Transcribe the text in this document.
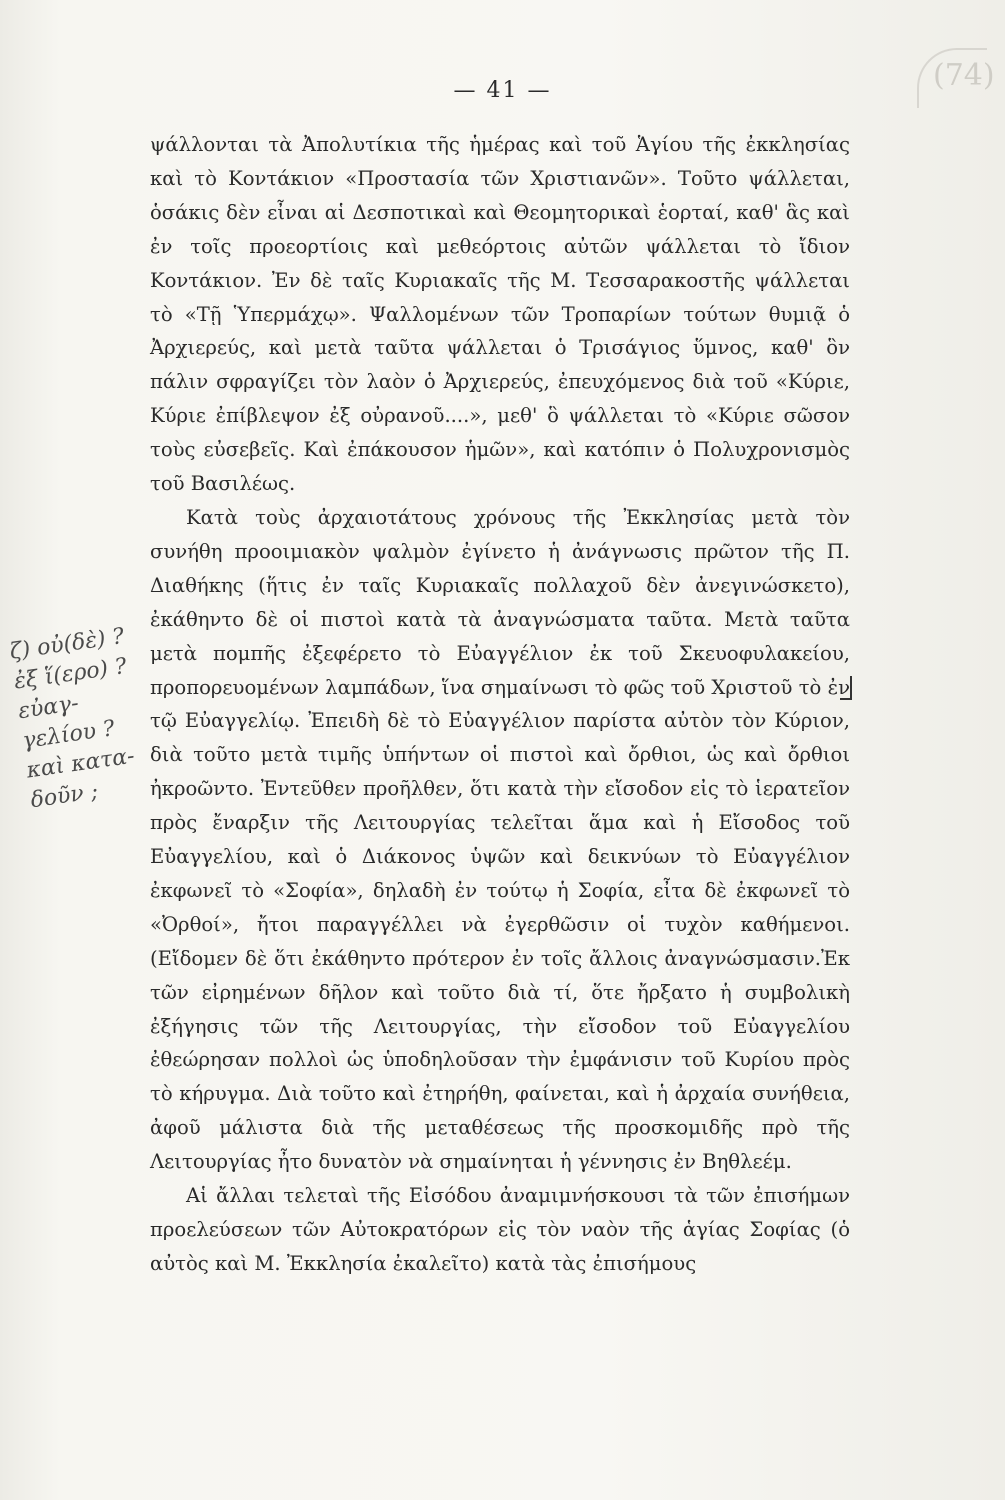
(74)
— 41 —

ψάλλονται τὰ Ἀπολυτίκια τῆς ἡμέρας καὶ τοῦ Ἁγίου τῆς ἐκκλησίας καὶ τὸ Κοντάκιον «Προστασία τῶν Χριστιανῶν». Τοῦτο ψάλλεται, ὁσάκις δὲν εἶναι αἱ Δεσποτικαὶ καὶ Θεομητορικαὶ ἑορταί, καθ' ἃς καὶ ἐν τοῖς προεορτίοις καὶ μεθεόρτοις αὐτῶν ψάλλεται τὸ ἴδιον Κοντάκιον. Ἐν δὲ ταῖς Κυριακαῖς τῆς Μ. Τεσσαρακοστῆς ψάλλεται τὸ «Τῇ Ὑπερμάχῳ». Ψαλλομένων τῶν Τροπαρίων τούτων θυμιᾷ ὁ Ἀρχιερεύς, καὶ μετὰ ταῦτα ψάλλεται ὁ Τρισάγιος ὕμνος, καθ' ὃν πάλιν σφραγίζει τὸν λαὸν ὁ Ἀρχιερεύς, ἐπευχόμενος διὰ τοῦ «Κύριε, Κύριε ἐπίβλεψον ἐξ οὐρανοῦ....», μεθ' ὃ ψάλλεται τὸ «Κύριε σῶσον τοὺς εὐσεβεῖς. Καὶ ἐπάκουσον ἡμῶν», καὶ κατόπιν ὁ Πολυχρονισμὸς τοῦ Βασιλέως.

Κατὰ τοὺς ἀρχαιοτάτους χρόνους τῆς Ἐκκλησίας μετὰ τὸν συνήθη προοιμιακὸν ψαλμὸν ἐγίνετο ἡ ἀνάγνωσις πρῶτον τῆς Π. Διαθήκης (ἥτις ἐν ταῖς Κυριακαῖς πολλαχοῦ δὲν ἀνεγινώσκετο), ἐκάθηντο δὲ οἱ πιστοὶ κατὰ τὰ ἀναγνώσματα ταῦτα. Μετὰ ταῦτα μετὰ πομπῆς ἐξεφέρετο τὸ Εὐαγγέλιον ἐκ τοῦ Σκευοφυλακείου, προπορευομένων λαμπάδων, ἵνα σημαίνωσι τὸ φῶς τοῦ Χριστοῦ τὸ ἐν τῷ Εὐαγγελίῳ. Ἐπειδὴ δὲ τὸ Εὐαγγέλιον παρίστα αὐτὸν τὸν Κύριον, διὰ τοῦτο μετὰ τιμῆς ὑπήντων οἱ πιστοὶ καὶ ὄρθιοι, ὡς καὶ ὄρθιοι ἠκροῶντο. Ἐντεῦθεν προῆλθεν, ὅτι κατὰ τὴν εἴσοδον εἰς τὸ ἱερατεῖον πρὸς ἔναρξιν τῆς Λειτουργίας τελεῖται ἅμα καὶ ἡ Εἴσοδος τοῦ Εὐαγγελίου, καὶ ὁ Διάκονος ὑψῶν καὶ δεικνύων τὸ Εὐαγγέλιον ἐκφωνεῖ τὸ «Σοφία», δηλαδὴ ἐν τούτῳ ἡ Σοφία, εἶτα δὲ ἐκφωνεῖ τὸ «Ὀρθοί», ἤτοι παραγγέλλει νὰ ἐγερθῶσιν οἱ τυχὸν καθήμενοι.(Εἴδομεν δὲ ὅτι ἐκάθηντο πρότερον ἐν τοῖς ἄλλοις ἀναγνώσμασιν.Ἐκ τῶν εἰρημένων δῆλον καὶ τοῦτο διὰ τί, ὅτε ἤρξατο ἡ συμβολικὴ ἐξήγησις τῶν τῆς Λειτουργίας, τὴν εἴσοδον τοῦ Εὐαγγελίου ἐθεώρησαν πολλοὶ ὡς ὑποδηλοῦσαν τὴν ἐμφάνισιν τοῦ Κυρίου πρὸς τὸ κήρυγμα. Διὰ τοῦτο καὶ ἐτηρήθη, φαίνεται, καὶ ἡ ἀρχαία συνήθεια, ἀφοῦ μάλιστα διὰ τῆς μεταθέσεως τῆς προσκομιδῆς πρὸ τῆς Λειτουργίας ἦτο δυνατὸν νὰ σημαίνηται ἡ γέννησις ἐν Βηθλεέμ.

Αἱ ἄλλαι τελεταὶ τῆς Εἰσόδου ἀναμιμνήσκουσι τὰ τῶν ἐπισήμων προελεύσεων τῶν Αὐτοκρατόρων εἰς τὸν ναὸν τῆς ἁγίας Σοφίας (ὁ αὐτὸς καὶ Μ. Ἐκκλησία ἐκαλεῖτο) κατὰ τὰς ἐπισήμους

ζ) οὐ(δὲ) ?
ἐξ ἵ(ερο) ?
εὐαγ-
γελίου ?
καὶ κατα-
δοῦν ;
